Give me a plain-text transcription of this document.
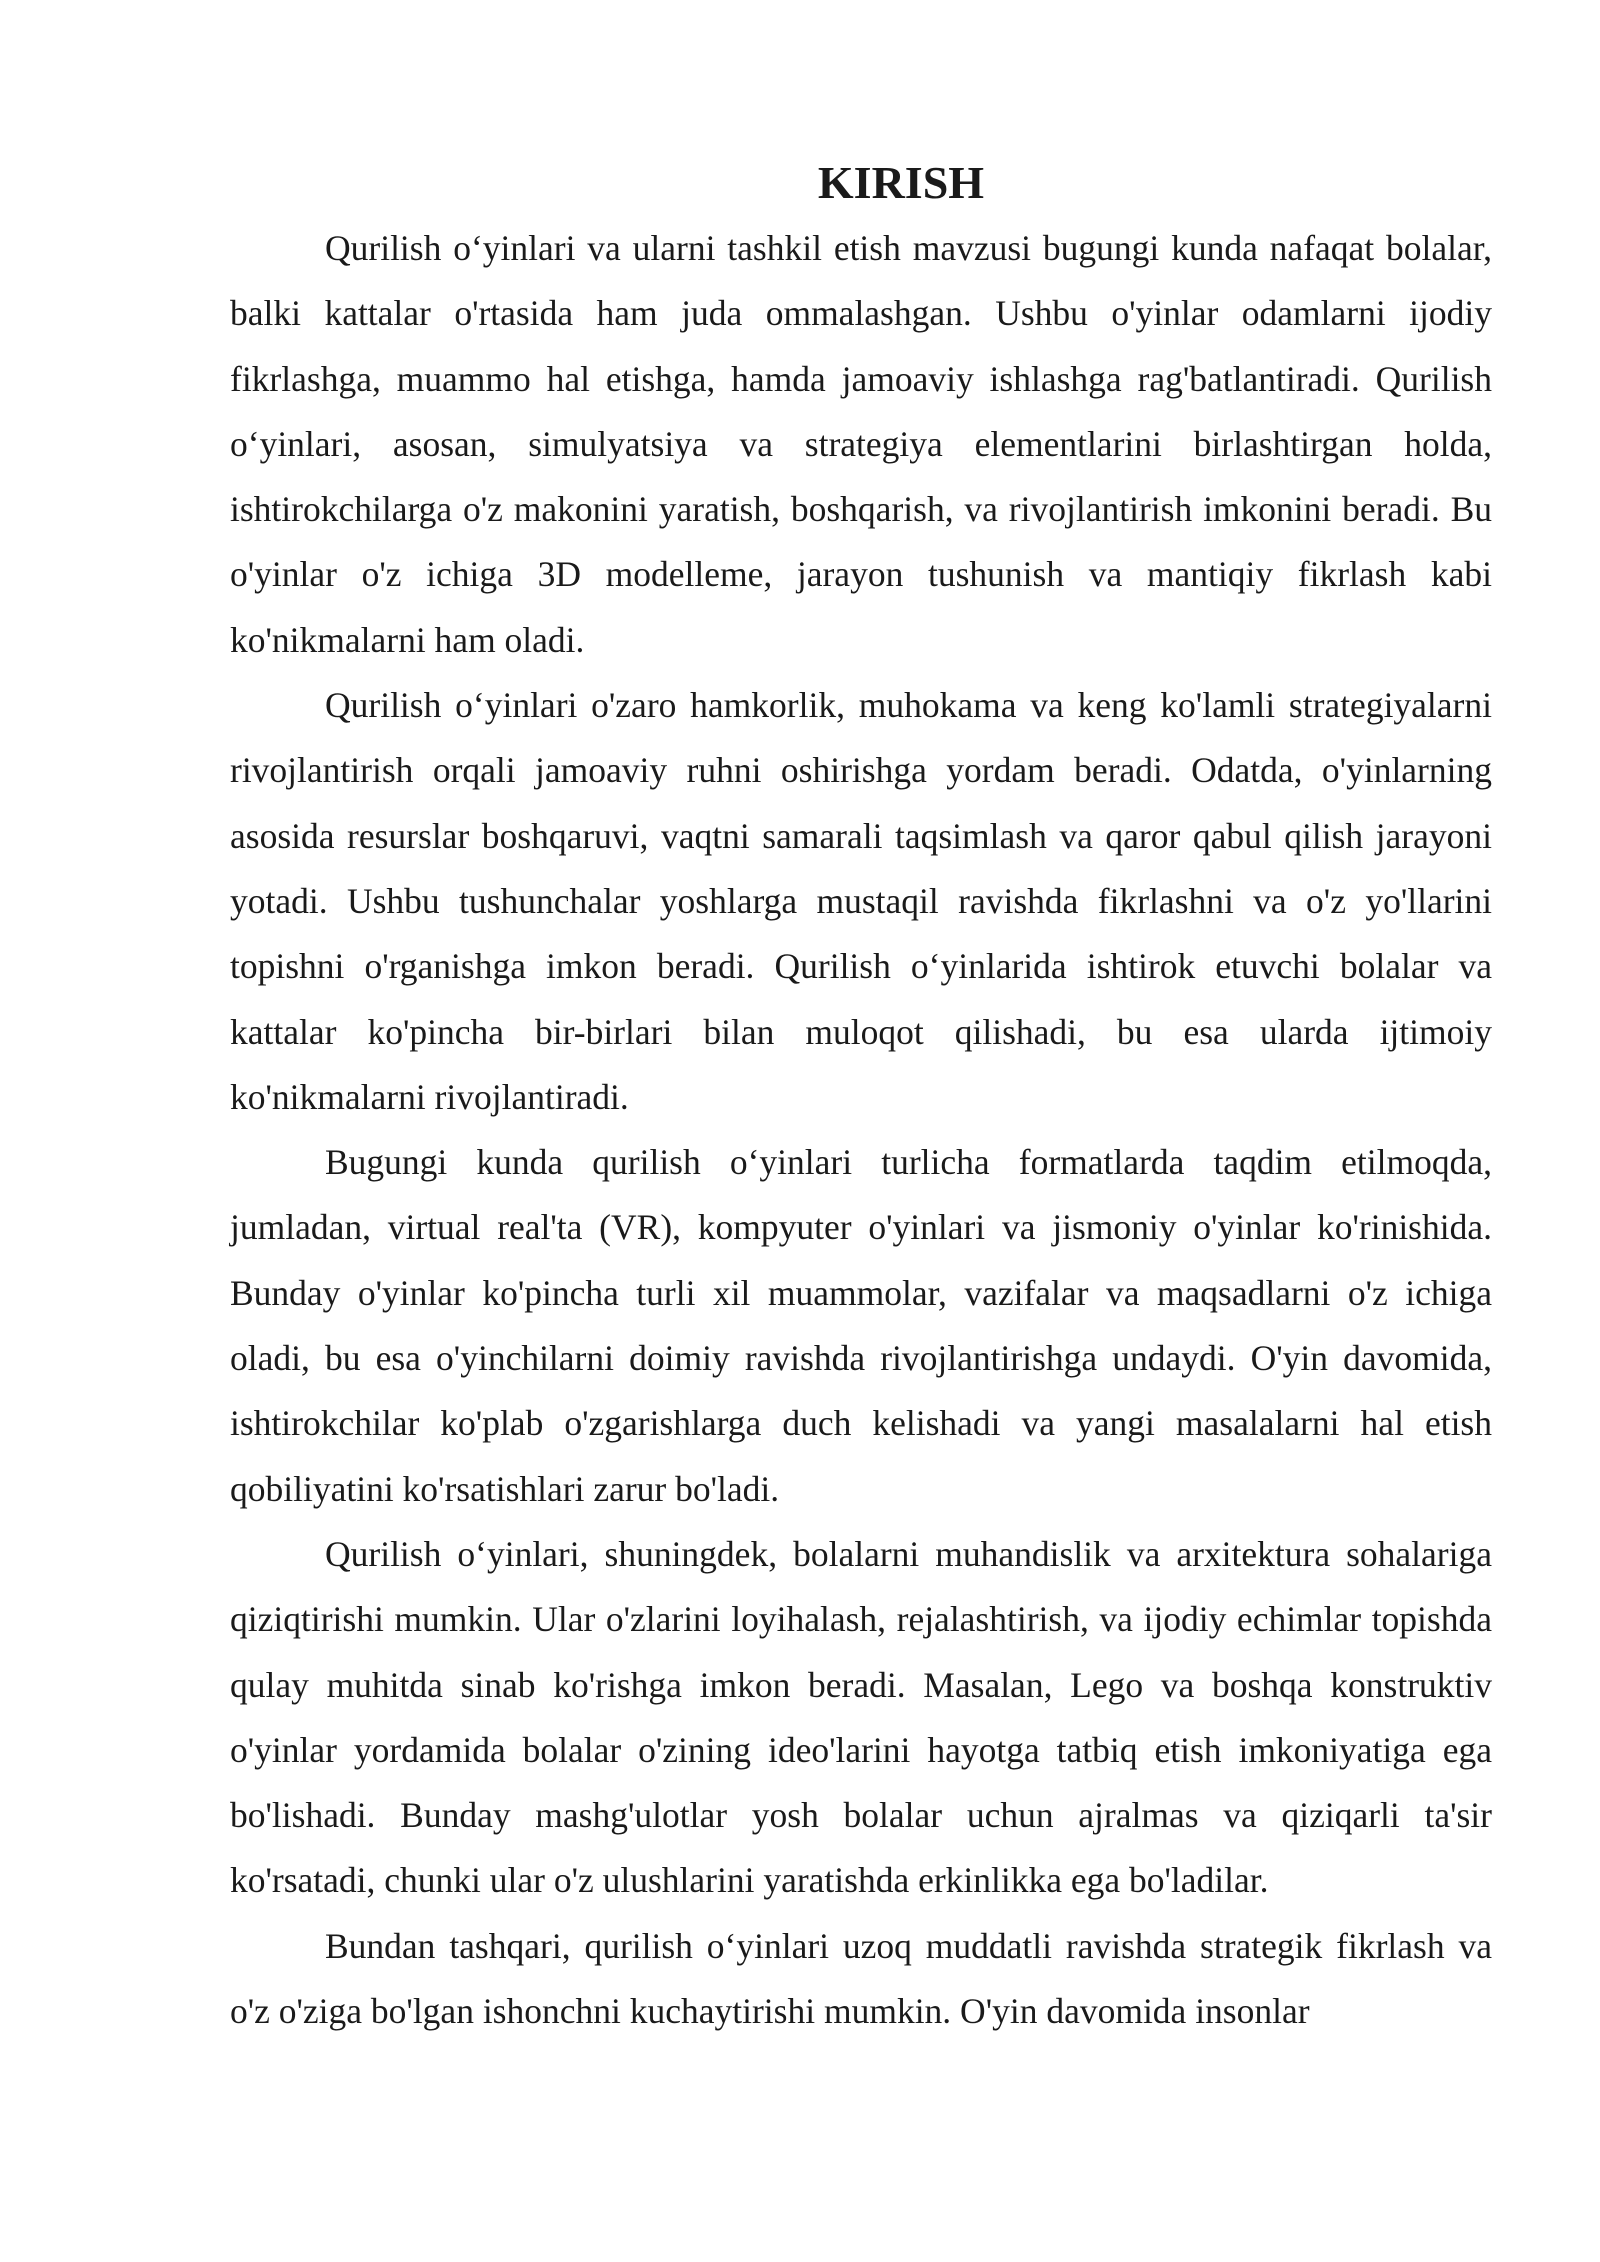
KIRISH

Qurilish o‘yinlari va ularni tashkil etish mavzusi bugungi kunda nafaqat bolalar, balki kattalar o'rtasida ham juda ommalashgan. Ushbu o'yinlar odamlarni ijodiy fikrlashga, muammo hal etishga, hamda jamoaviy ishlashga rag'batlantiradi. Qurilish o‘yinlari, asosan, simulyatsiya va strategiya elementlarini birlashtirgan holda, ishtirokchilarga o'z makonini yaratish, boshqarish, va rivojlantirish imkonini beradi. Bu o'yinlar o'z ichiga 3D modelleme, jarayon tushunish va mantiqiy fikrlash kabi ko'nikmalarni ham oladi.

Qurilish o‘yinlari o'zaro hamkorlik, muhokama va keng ko'lamli strategiyalarni rivojlantirish orqali jamoaviy ruhni oshirishga yordam beradi. Odatda, o'yinlarning asosida resurslar boshqaruvi, vaqtni samarali taqsimlash va qaror qabul qilish jarayoni yotadi. Ushbu tushunchalar yoshlarga mustaqil ravishda fikrlashni va o'z yo'llarini topishni o'rganishga imkon beradi. Qurilish o‘yinlarida ishtirok etuvchi bolalar va kattalar ko'pincha bir-birlari bilan muloqot qilishadi, bu esa ularda ijtimoiy ko'nikmalarni rivojlantiradi.

Bugungi kunda qurilish o‘yinlari turlicha formatlarda taqdim etilmoqda, jumladan, virtual real'ta (VR), kompyuter o'yinlari va jismoniy o'yinlar ko'rinishida. Bunday o'yinlar ko'pincha turli xil muammolar, vazifalar va maqsadlarni o'z ichiga oladi, bu esa o'yinchilarni doimiy ravishda rivojlantirishga undaydi. O'yin davomida, ishtirokchilar ko'plab o'zgarishlarga duch kelishadi va yangi masalalarni hal etish qobiliyatini ko'rsatishlari zarur bo'ladi.

Qurilish o‘yinlari, shuningdek, bolalarni muhandislik va arxitektura sohalariga qiziqtirishi mumkin. Ular o'zlarini loyihalash, rejalashtirish, va ijodiy echimlar topishda qulay muhitda sinab ko'rishga imkon beradi. Masalan, Lego va boshqa konstruktiv o'yinlar yordamida bolalar o'zining ideo'larini hayotga tatbiq etish imkoniyatiga ega bo'lishadi. Bunday mashg'ulotlar yosh bolalar uchun ajralmas va qiziqarli ta'sir ko'rsatadi, chunki ular o'z ulushlarini yaratishda erkinlikka ega bo'ladilar.

Bundan tashqari, qurilish o‘yinlari uzoq muddatli ravishda strategik fikrlash va o'z o'ziga bo'lgan ishonchni kuchaytirishi mumkin. O'yin davomida insonlar
